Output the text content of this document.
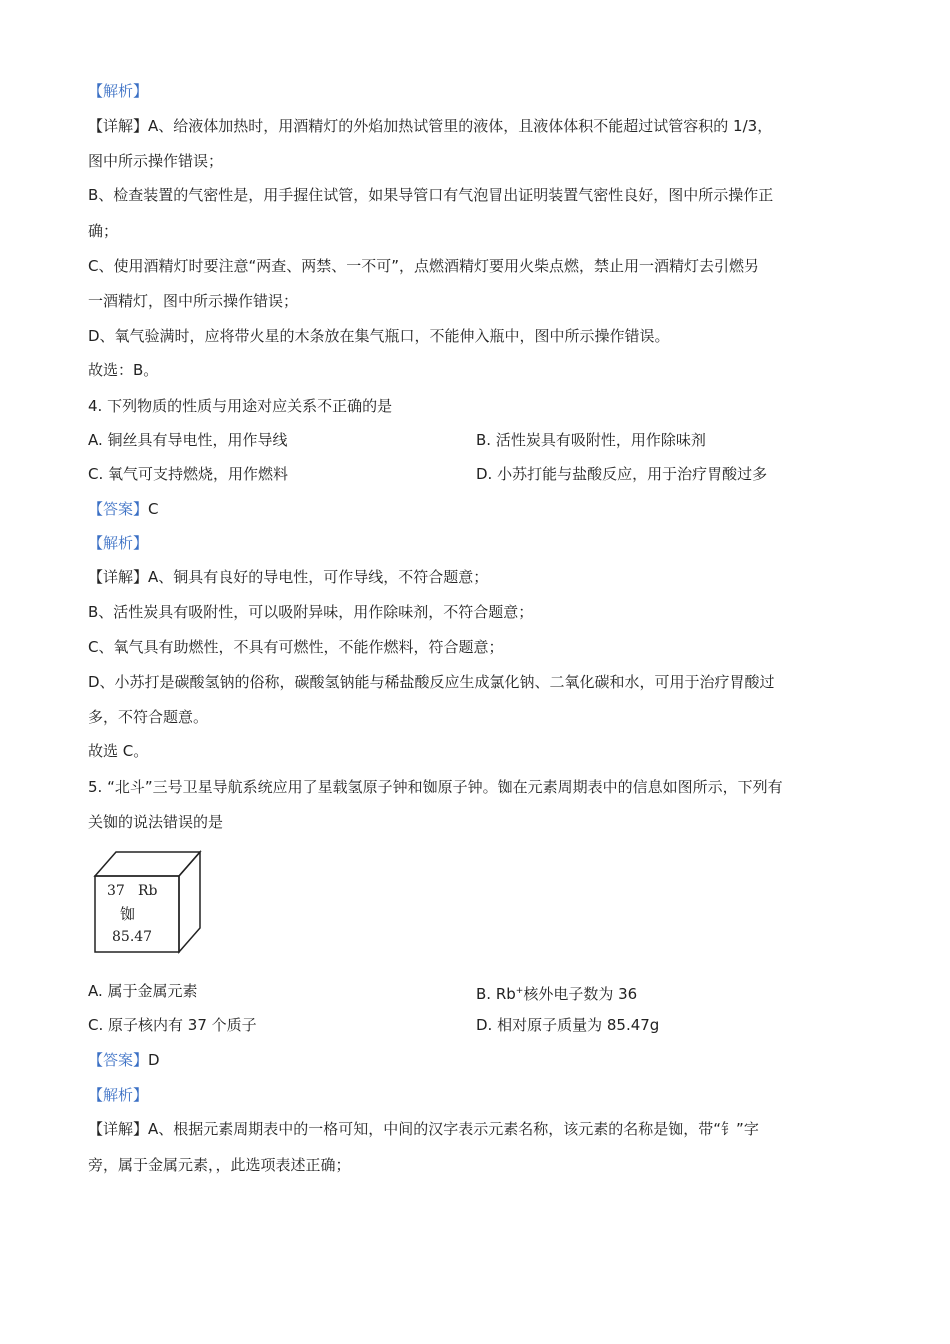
【解析】
【详解】A、给液体加热时，用酒精灯的外焰加热试管里的液体，且液体体积不能超过试管容积的 1/3，
图中所示操作错误；
B、检查装置的气密性是，用手握住试管，如果导管口有气泡冒出证明装置气密性良好，图中所示操作正
确；
C、使用酒精灯时要注意“两查、两禁、一不可”，点燃酒精灯要用火柴点燃，禁止用一酒精灯去引燃另
一酒精灯，图中所示操作错误；
D、氧气验满时，应将带火星的木条放在集气瓶口，不能伸入瓶中，图中所示操作错误。
故选：B。
4. 下列物质的性质与用途对应关系不正确的是
A. 铜丝具有导电性，用作导线	B. 活性炭具有吸附性，用作除味剂
C. 氧气可支持燃烧，用作燃料	D. 小苏打能与盐酸反应，用于治疗胃酸过多
【答案】C
【解析】
【详解】A、铜具有良好的导电性，可作导线，不符合题意；
B、活性炭具有吸附性，可以吸附异味，用作除味剂，不符合题意；
C、氧气具有助燃性，不具有可燃性，不能作燃料，符合题意；
D、小苏打是碳酸氢钠的俗称，碳酸氢钠能与稀盐酸反应生成氯化钠、二氧化碳和水，可用于治疗胃酸过
多，不符合题意。
故选 C。
5. “北斗”三号卫星导航系统应用了星载氢原子钟和铷原子钟。铷在元素周期表中的信息如图所示，下列有
关铷的说法错误的是
37 Rb
铷
85.47
A. 属于金属元素	B. Rb+核外电子数为 36
C. 原子核内有 37 个质子	D. 相对原子质量为 85.47g
【答案】D
【解析】
【详解】A、根据元素周期表中的一格可知，中间的汉字表示元素名称，该元素的名称是铷，带“钅”字
旁，属于金属元素，，此选项表述正确；
